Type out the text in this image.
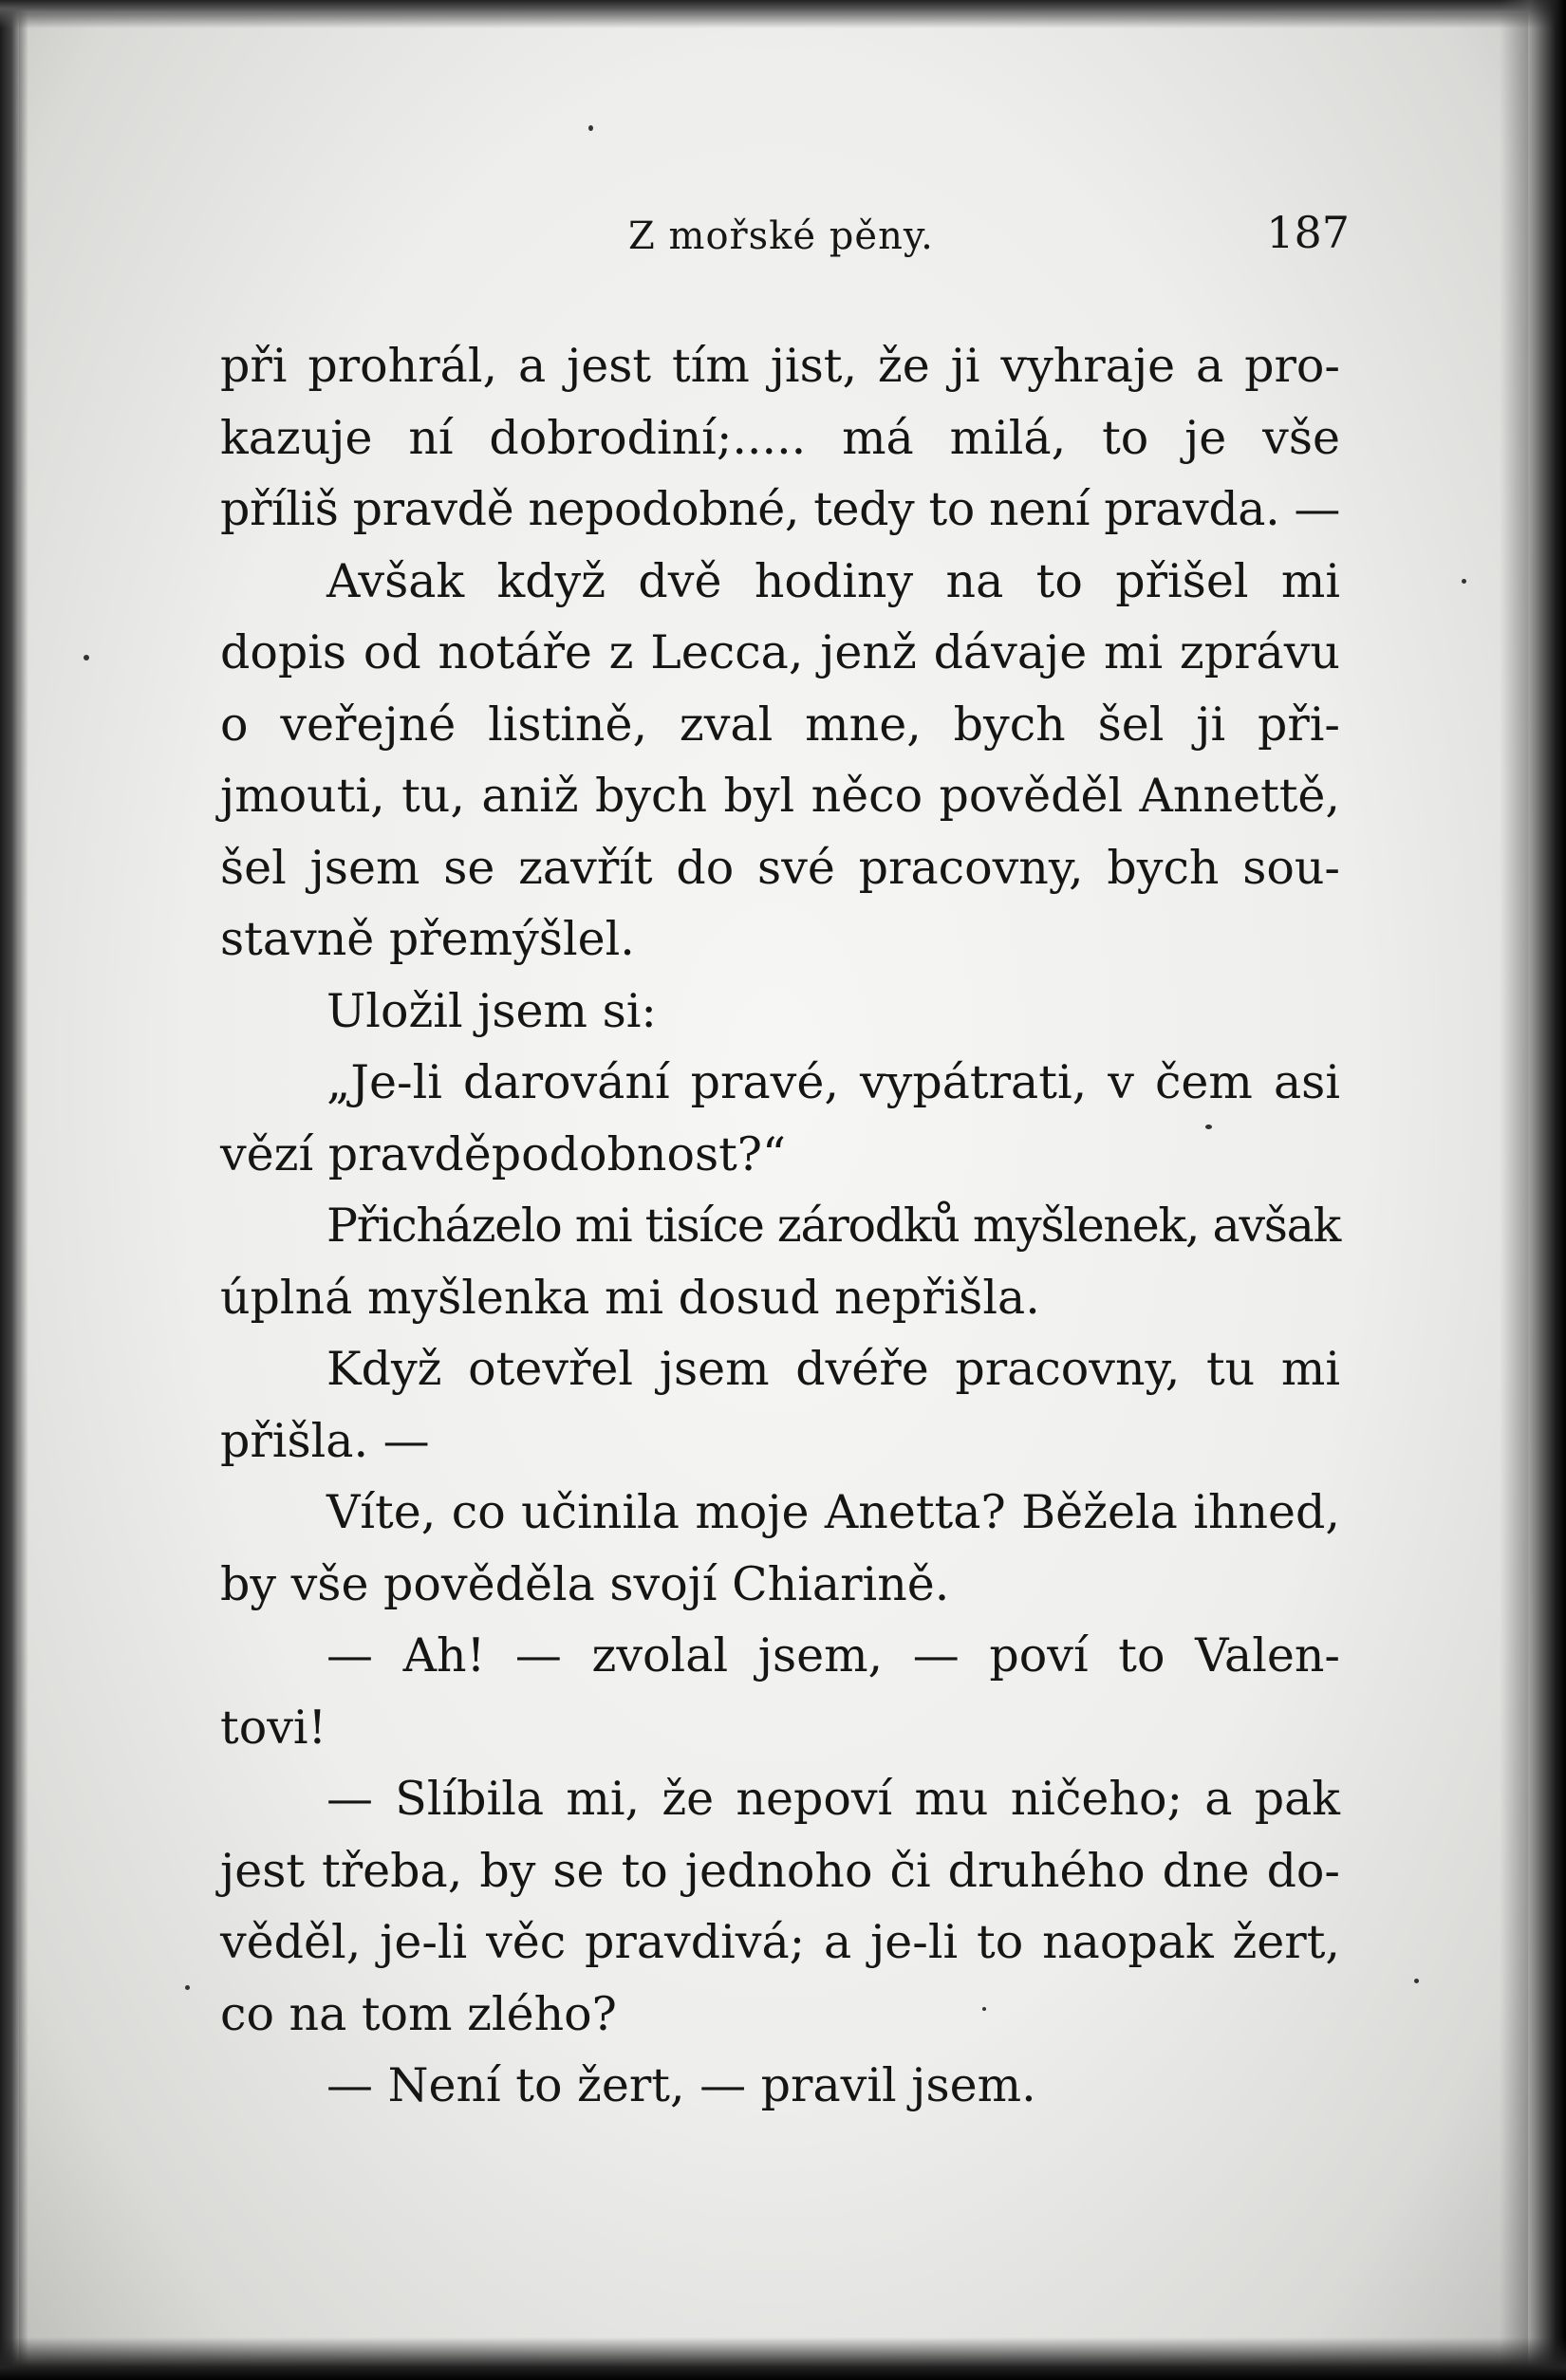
Z mořské pěny.	187
při prohrál, a jest tím jist, že ji vyhraje a pro-
kazuje ní dobrodiní;..... má milá, to je vše
příliš pravdě nepodobné, tedy to není pravda. —
Avšak když dvě hodiny na to přišel mi
dopis od notáře z Lecca, jenž dávaje mi zprávu
o veřejné listině, zval mne, bych šel ji při-
jmouti, tu, aniž bych byl něco pověděl Annettě,
šel jsem se zavřít do své pracovny, bych sou-
stavně přemýšlel.
Uložil jsem si:
„Je-li darování pravé, vypátrati, v čem asi
vězí pravděpodobnost?“
Přicházelo mi tisíce zárodků myšlenek, avšak
úplná myšlenka mi dosud nepřišla.
Když otevřel jsem dvéře pracovny, tu mi
přišla. —
Víte, co učinila moje Anetta? Běžela ihned,
by vše pověděla svojí Chiarině.
— Ah! — zvolal jsem, — poví to Valen-
tovi!
— Slíbila mi, že nepoví mu ničeho; a pak
jest třeba, by se to jednoho či druhého dne do-
věděl, je-li věc pravdivá; a je-li to naopak žert,
co na tom zlého?
— Není to žert, — pravil jsem.
